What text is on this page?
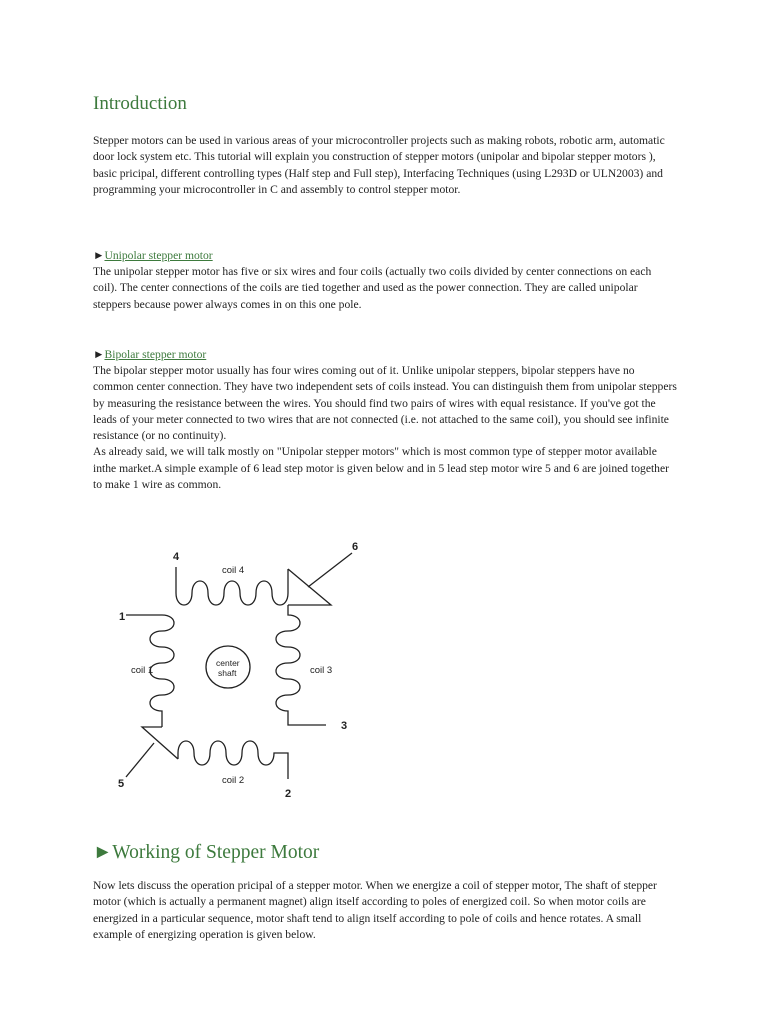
Introduction

Stepper motors can be used in various areas of your microcontroller projects such as making robots, robotic arm, automatic door lock system etc. This tutorial will explain you construction of stepper motors (unipolar and bipolar stepper motors ), basic pricipal, different controlling types (Half step and Full step), Interfacing Techniques (using L293D or ULN2003) and programming your microcontroller in C and assembly to control stepper motor.

►Unipolar stepper motor

The unipolar stepper motor has five or six wires and four coils (actually two coils divided by center connections on each coil). The center connections of the coils are tied together and used as the power connection. They are called unipolar steppers because power always comes in on this one pole.

►Bipolar stepper motor

The bipolar stepper motor usually has four wires coming out of it. Unlike unipolar steppers, bipolar steppers have no common center connection. They have two independent sets of coils instead. You can distinguish them from unipolar steppers by measuring the resistance between the wires. You should find two pairs of wires with equal resistance. If you've got the leads of your meter connected to two wires that are not connected (i.e. not attached to the same coil), you should see infinite resistance (or no continuity).
As already said, we will talk mostly on "Unipolar stepper motors" which is most common type of stepper motor available inthe market.A simple example of 6 lead step motor is given below and in 5 lead step motor wire 5 and 6 are joined together to make 1 wire as common.
►Working of Stepper Motor

Now lets discuss the operation pricipal of a stepper motor. When we energize a coil of stepper motor, The shaft of stepper motor (which is actually a permanent magnet) align itself according to poles of energized coil. So when motor coils are energized in a particular sequence, motor shaft tend to align itself according to pole of coils and hence rotates. A small example of energizing operation is given below.

coil 4
coil 1	coil 3
coil 2
center
shaft
1
2
3
4
5
6
